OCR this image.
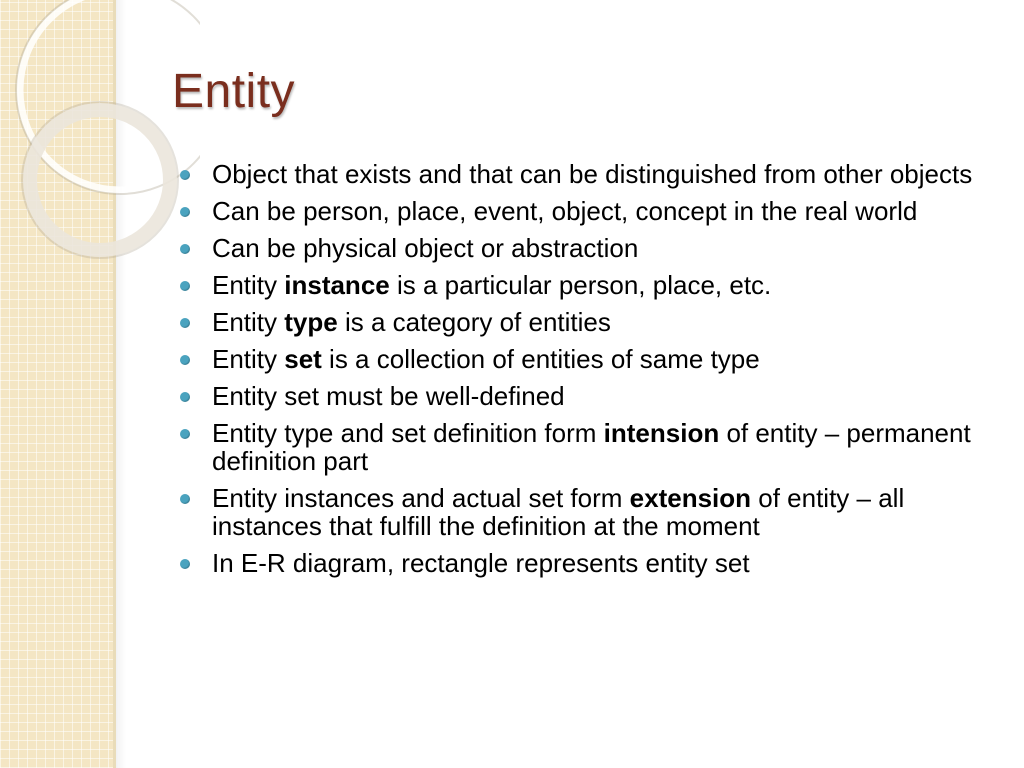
Entity
Object that exists and that can be distinguished from other objects
Can be person, place, event, object, concept in the real world
Can be physical object or abstraction
Entity instance is a particular person, place, etc.
Entity type is a category of entities
Entity set is a collection of entities of same type
Entity set must be well-defined
Entity type and set definition form intension of entity – permanent definition part
Entity instances and actual set form extension of entity – all instances that fulfill the definition at the moment
In E-R diagram, rectangle represents entity set
